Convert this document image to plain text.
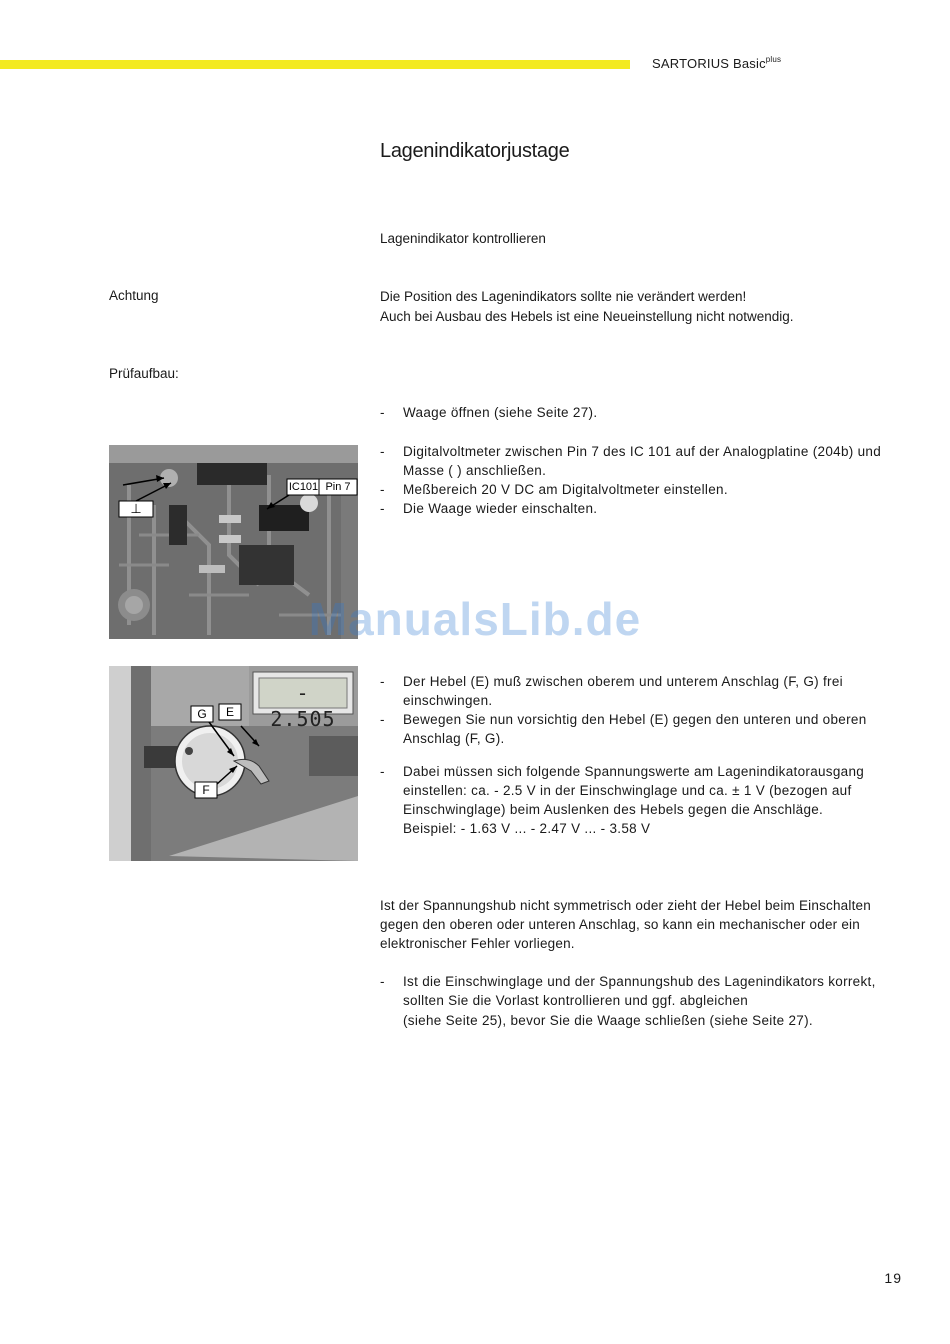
SARTORIUS Basic$^{plus}$
Lagenindikatorjustage
Lagenindikator kontrollieren
Achtung	Die Position des Lagenindikators sollte nie verändert werden!
Auch bei Ausbau des Hebels ist eine Neueinstellung nicht notwendig.
Prüfaufbau:
- Waage öffnen (siehe Seite 27).
- Digitalvoltmeter zwischen Pin 7 des IC 101 auf der Analogplatine (204b) und Masse ( ) anschließen.
- Meßbereich 20 V DC am Digitalvoltmeter einstellen.
- Die Waage wieder einschalten.
- Der Hebel (E) muß zwischen oberem und unterem Anschlag (F, G) frei einschwingen.
- Bewegen Sie nun vorsichtig den Hebel (E) gegen den unteren und oberen Anschlag (F, G).
- Dabei müssen sich folgende Spannungswerte am Lagenindikatorausgang einstellen: ca. - 2.5 V in der Einschwinglage und ca. ± 1 V (bezogen auf Einschwinglage) beim Auslenken des Hebels gegen die Anschläge.
Beispiel: - 1.63 V ... - 2.47 V ... - 3.58 V
Ist der Spannungshub nicht symmetrisch oder zieht der Hebel beim Einschalten gegen den oberen oder unteren Anschlag, so kann ein mechanischer oder ein elektronischer Fehler vorliegen.
- Ist die Einschwinglage und der Spannungshub des Lagenindikators korrekt, sollten Sie die Vorlast kontrollieren und ggf. abgleichen
(siehe Seite 25), bevor Sie die Waage schließen (siehe Seite 27).
IC101 Pin 7
⊥
- 2.505
G	E
F
ManualsLib.de
19
